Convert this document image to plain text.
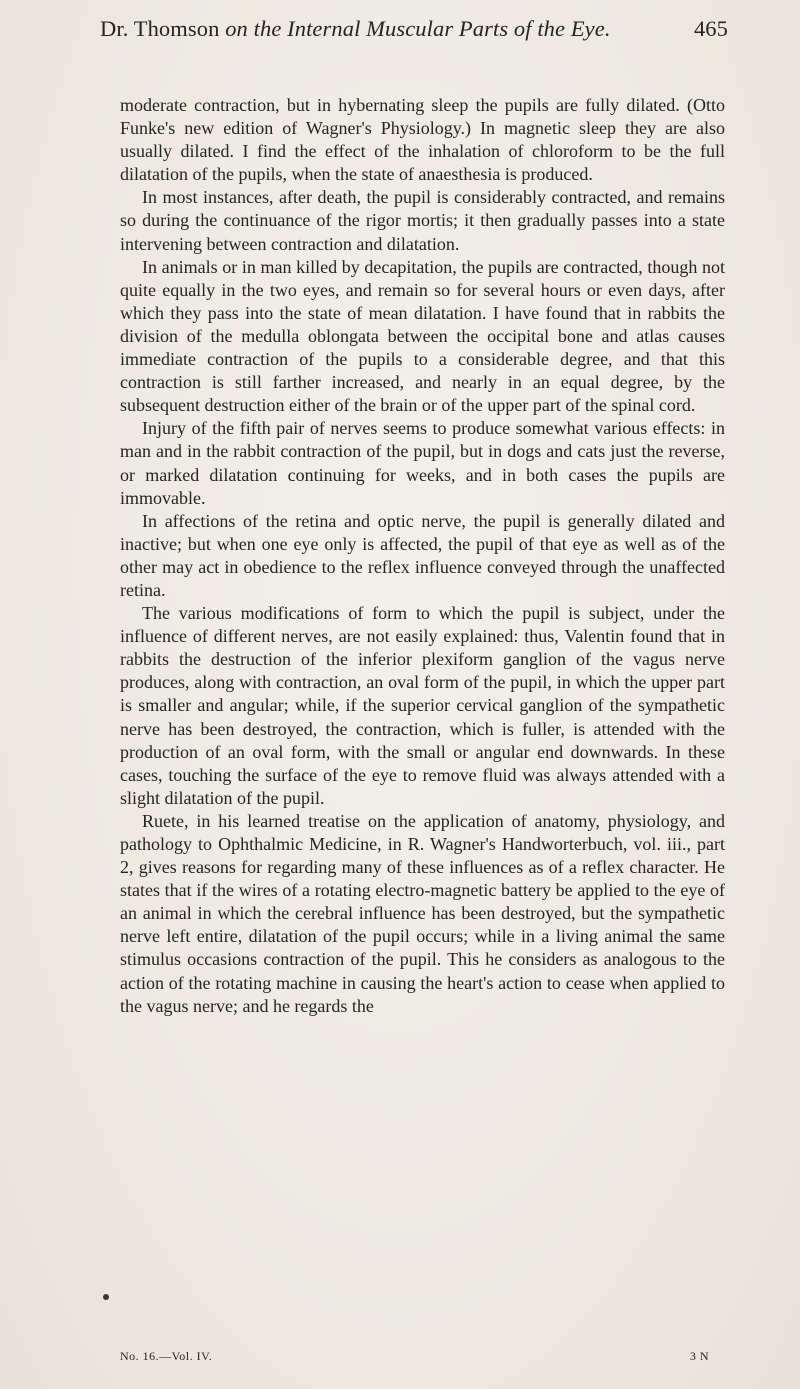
Dr. Thomson on the Internal Muscular Parts of the Eye.	465

moderate contraction, but in hybernating sleep the pupils are fully dilated. (Otto Funke's new edition of Wagner's Physiology.) In magnetic sleep they are also usually dilated. I find the effect of the inhalation of chloroform to be the full dilatation of the pupils, when the state of anaesthesia is produced.

In most instances, after death, the pupil is considerably contracted, and remains so during the continuance of the rigor mortis; it then gradually passes into a state intervening between contraction and dilatation.

In animals or in man killed by decapitation, the pupils are contracted, though not quite equally in the two eyes, and remain so for several hours or even days, after which they pass into the state of mean dilatation. I have found that in rabbits the division of the medulla oblongata between the occipital bone and atlas causes immediate contraction of the pupils to a considerable degree, and that this contraction is still farther increased, and nearly in an equal degree, by the subsequent destruction either of the brain or of the upper part of the spinal cord.

Injury of the fifth pair of nerves seems to produce somewhat various effects: in man and in the rabbit contraction of the pupil, but in dogs and cats just the reverse, or marked dilatation continuing for weeks, and in both cases the pupils are immovable.

In affections of the retina and optic nerve, the pupil is generally dilated and inactive; but when one eye only is affected, the pupil of that eye as well as of the other may act in obedience to the reflex influence conveyed through the unaffected retina.

The various modifications of form to which the pupil is subject, under the influence of different nerves, are not easily explained: thus, Valentin found that in rabbits the destruction of the inferior plexiform ganglion of the vagus nerve produces, along with contraction, an oval form of the pupil, in which the upper part is smaller and angular; while, if the superior cervical ganglion of the sympathetic nerve has been destroyed, the contraction, which is fuller, is attended with the production of an oval form, with the small or angular end downwards. In these cases, touching the surface of the eye to remove fluid was always attended with a slight dilatation of the pupil.

Ruete, in his learned treatise on the application of anatomy, physiology, and pathology to Ophthalmic Medicine, in R. Wagner's Handworterbuch, vol. iii., part 2, gives reasons for regarding many of these influences as of a reflex character. He states that if the wires of a rotating electro-magnetic battery be applied to the eye of an animal in which the cerebral influence has been destroyed, but the sympathetic nerve left entire, dilatation of the pupil occurs; while in a living animal the same stimulus occasions contraction of the pupil. This he considers as analogous to the action of the rotating machine in causing the heart's action to cease when applied to the vagus nerve; and he regards the

No. 16.—Vol. IV.	3 N
